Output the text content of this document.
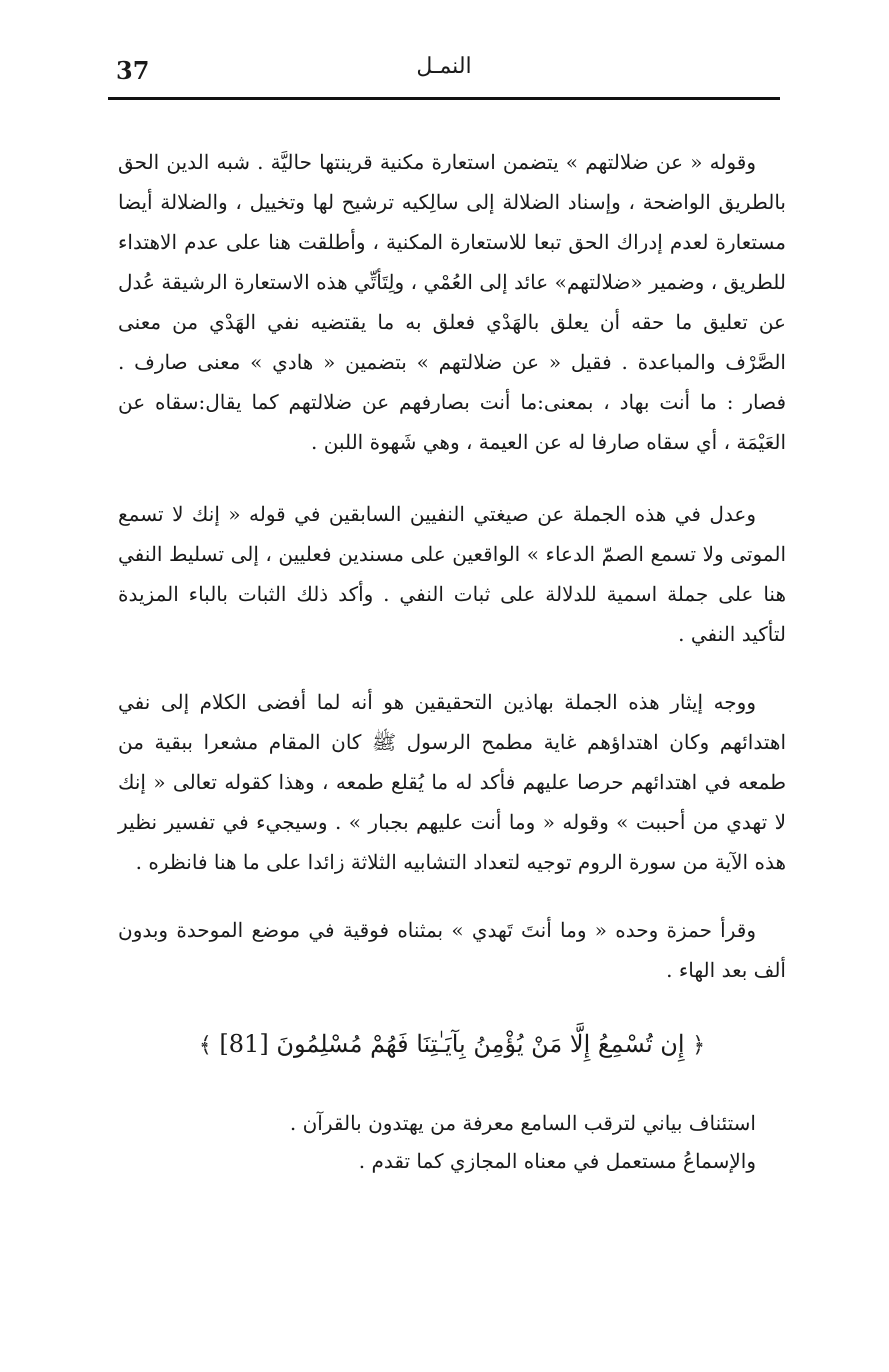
النمـل
37

وقوله « عن ضلالتهم » يتضمن استعارة مكنية قرينتها حاليَّة . شبه الدين الحق بالطريق الواضحة ، وإسناد الضلالة إلى سالِكيه ترشيح لها وتخييل ، والضلالة أيضا مستعارة لعدم إدراك الحق تبعا للاستعارة المكنية ، وأطلقت هنا على عدم الاهتداء للطريق ، وضمير «ضلالتهم» عائد إلى العُمْي ، ولِتَأتِّي هذه الاستعارة الرشيقة عُدل عن تعليق ما حقه أن يعلق بالهَدْي فعلق به ما يقتضيه نفي الهَدْي من معنى الصَّرْف والمباعدة . فقيل « عن ضلالتهم » بتضمين « هادي » معنى صارف . فصار : ما أنت بهاد ، بمعنى:ما أنت بصارفهم عن ضلالتهم كما يقال:سقاه عن العَيْمَة ، أي سقاه صارفا له عن العيمة ، وهي شَهوة اللبن .

وعدل في هذه الجملة عن صيغتي النفيين السابقين في قوله « إنك لا تسمع الموتى ولا تسمع الصمّ الدعاء » الواقعين على مسندين فعليين ، إلى تسليط النفي هنا على جملة اسمية للدلالة على ثبات النفي . وأكد ذلك الثبات بالباء المزيدة لتأكيد النفي .

ووجه إيثار هذه الجملة بهاذين التحقيقين هو أنه لما أفضى الكلام إلى نفي اهتدائهم وكان اهتداؤهم غاية مطمح الرسول ﷺ كان المقام مشعرا ببقية من طمعه في اهتدائهم حرصا عليهم فأكد له ما يُقلع طمعه ، وهذا كقوله تعالى « إنك لا تهدي من أحببت » وقوله « وما أنت عليهم بجبار » . وسيجيء في تفسير نظير هذه الآية من سورة الروم توجيه لتعداد التشابيه الثلاثة زائدا على ما هنا فانظره .

وقرأ حمزة وحده « وما أنتَ تَهدي » بمثناه فوقية في موضع الموحدة وبدون ألف بعد الهاء .

﴿ إِن تُسْمِعُ إِلَّا مَنْ يُؤْمِنُ بِآيَـٰتِنَا فَهُمْ مُسْلِمُونَ [81] ﴾

استئناف بياني لترقب السامع معرفة من يهتدون بالقرآن .

والإسماعُ مستعمل في معناه المجازي كما تقدم .
